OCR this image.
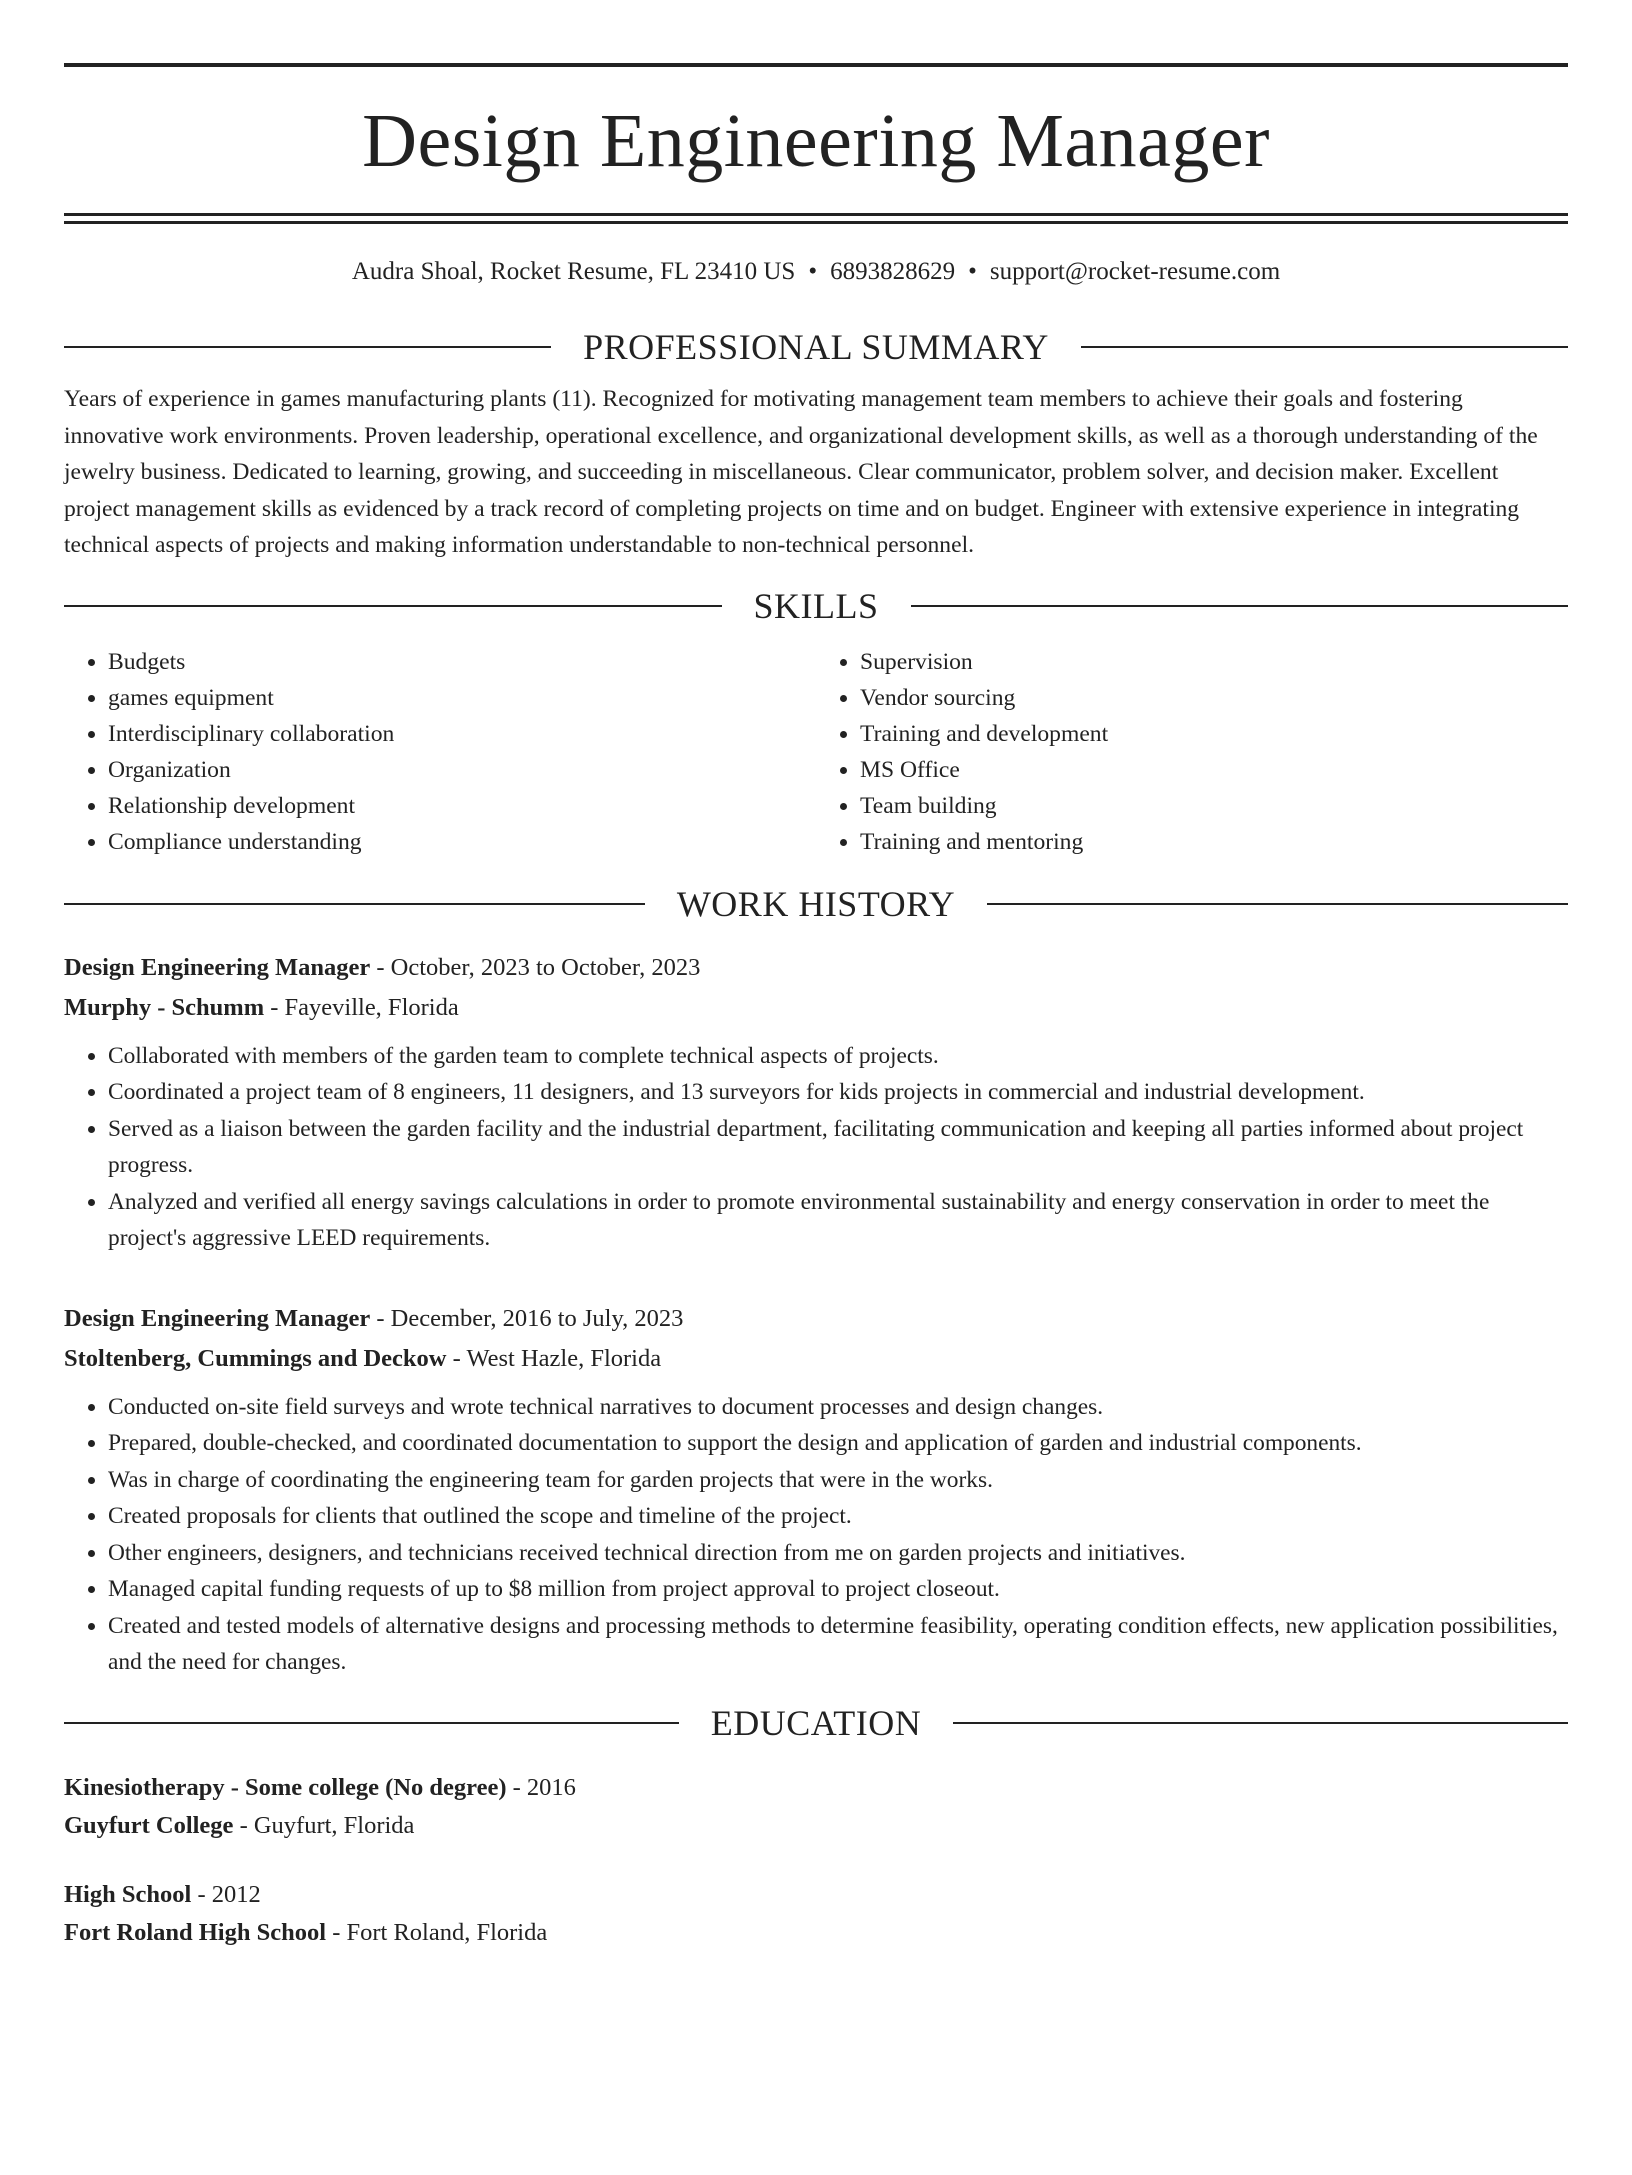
Design Engineering Manager
Audra Shoal, Rocket Resume, FL 23410 US • 6893828629 • support@rocket-resume.com
PROFESSIONAL SUMMARY
Years of experience in games manufacturing plants (11). Recognized for motivating management team members to achieve their goals and fostering innovative work environments. Proven leadership, operational excellence, and organizational development skills, as well as a thorough understanding of the jewelry business. Dedicated to learning, growing, and succeeding in miscellaneous. Clear communicator, problem solver, and decision maker. Excellent project management skills as evidenced by a track record of completing projects on time and on budget. Engineer with extensive experience in integrating technical aspects of projects and making information understandable to non-technical personnel.
SKILLS
• Budgets
• games equipment
• Interdisciplinary collaboration
• Organization
• Relationship development
• Compliance understanding
• Supervision
• Vendor sourcing
• Training and development
• MS Office
• Team building
• Training and mentoring
WORK HISTORY
Design Engineering Manager - October, 2023 to October, 2023
Murphy - Schumm - Fayeville, Florida
• Collaborated with members of the garden team to complete technical aspects of projects.
• Coordinated a project team of 8 engineers, 11 designers, and 13 surveyors for kids projects in commercial and industrial development.
• Served as a liaison between the garden facility and the industrial department, facilitating communication and keeping all parties informed about project progress.
• Analyzed and verified all energy savings calculations in order to promote environmental sustainability and energy conservation in order to meet the project's aggressive LEED requirements.
Design Engineering Manager - December, 2016 to July, 2023
Stoltenberg, Cummings and Deckow - West Hazle, Florida
• Conducted on-site field surveys and wrote technical narratives to document processes and design changes.
• Prepared, double-checked, and coordinated documentation to support the design and application of garden and industrial components.
• Was in charge of coordinating the engineering team for garden projects that were in the works.
• Created proposals for clients that outlined the scope and timeline of the project.
• Other engineers, designers, and technicians received technical direction from me on garden projects and initiatives.
• Managed capital funding requests of up to $8 million from project approval to project closeout.
• Created and tested models of alternative designs and processing methods to determine feasibility, operating condition effects, new application possibilities, and the need for changes.
EDUCATION
Kinesiotherapy - Some college (No degree) - 2016
Guyfurt College - Guyfurt, Florida
High School - 2012
Fort Roland High School - Fort Roland, Florida
